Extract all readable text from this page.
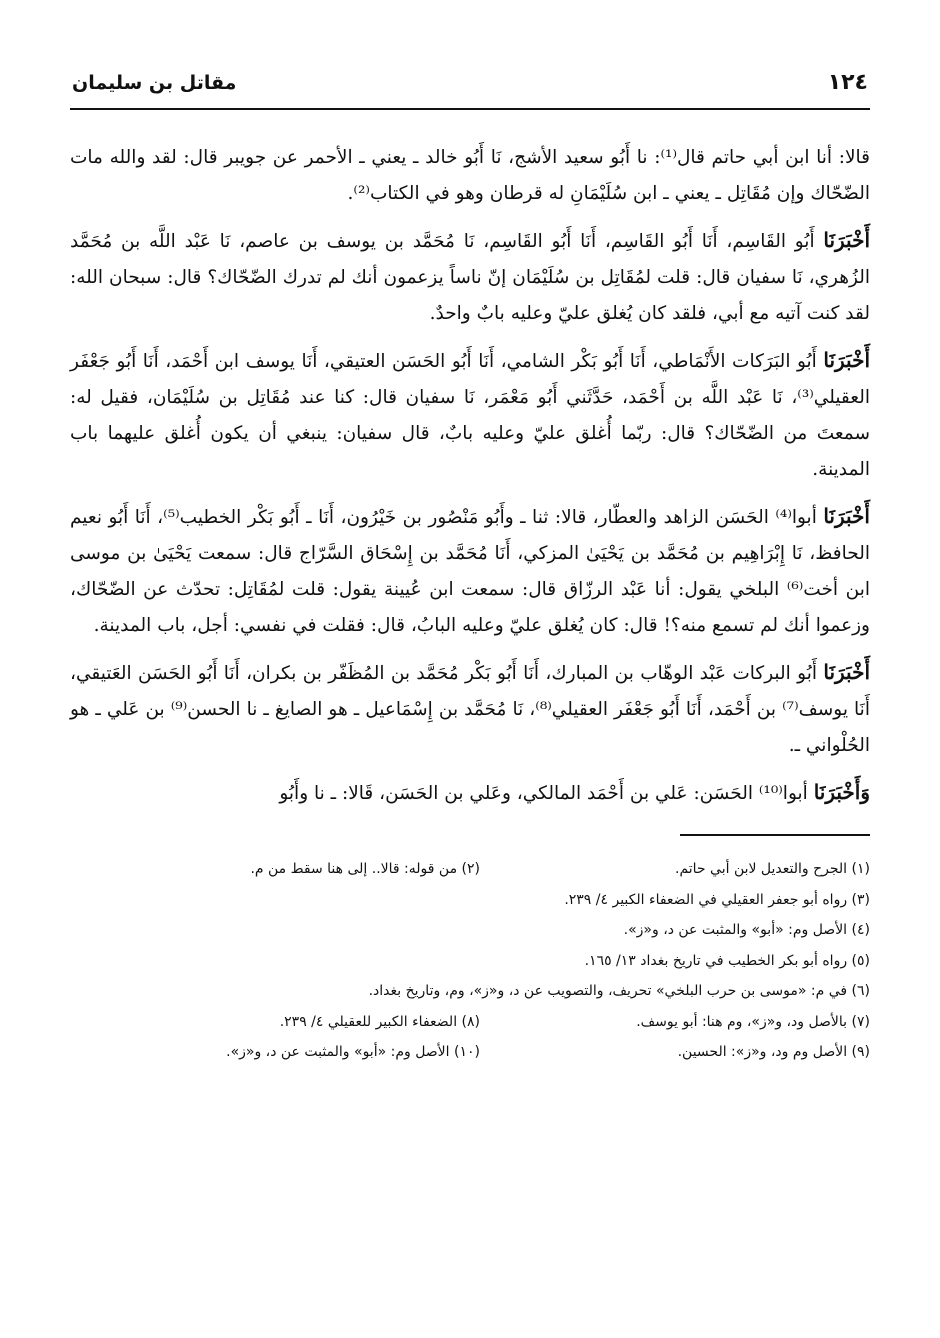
١٢٤
مقاتل بن سليمان

قالا: أنا ابن أبي حاتم قال⁽¹⁾: نا أَبُو سعيد الأشج، نَا أَبُو خالد ـ يعني ـ الأحمر عن جويبر قال: لقد والله مات الضّحّاك وإن مُقَاتِل ـ يعني ـ ابن سُلَيْمَانِ له قرطان وهو في الكتاب⁽²⁾.

أَخْبَرَنَا أَبُو القَاسِم، أَنَا أَبُو القَاسِم، أَنَا أَبُو القَاسِم، نَا مُحَمَّد بن يوسف بن عاصم، نَا عَبْد اللَّه بن مُحَمَّد الزُهري، نَا سفيان قال: قلت لمُقَاتِل بن سُلَيْمَان إنّ ناساً يزعمون أنك لم تدرك الضّحّاك؟ قال: سبحان الله: لقد كنت آتيه مع أبي، فلقد كان يُغلق عليّ وعليه بابٌ واحدٌ.

أَخْبَرَنَا أَبُو البَرَكات الأَنْمَاطي، أَنَا أَبُو بَكْر الشامي، أَنَا أَبُو الحَسَن العتيقي، أَنَا يوسف ابن أَحْمَد، أَنَا أَبُو جَعْفَر العقيلي⁽³⁾، نَا عَبْد اللَّه بن أَحْمَد، حَدَّثَني أَبُو مَعْمَر، نَا سفيان قال: كنا عند مُقَاتِل بن سُلَيْمَان، فقيل له: سمعتَ من الضّحّاك؟ قال: ربّما أُغلق عليّ وعليه بابٌ، قال سفيان: ينبغي أن يكون أُغلق عليهما باب المدينة.

أَخْبَرَنَا أبوا⁽⁴⁾ الحَسَن الزاهد والعطّار، قالا: ثنا ـ وأَبُو مَنْصُور بن خَيْرُون، أَنَا ـ أَبُو بَكْر الخطيب⁽⁵⁾، أَنَا أَبُو نعيم الحافظ، نَا إِبْرَاهِيم بن مُحَمَّد بن يَحْيَىٰ المزكي، أَنَا مُحَمَّد بن إِسْحَاق السَّرّاج قال: سمعت يَحْيَىٰ بن موسى ابن أخت⁽⁶⁾ البلخي يقول: أنا عَبْد الرزّاق قال: سمعت ابن عُيينة يقول: قلت لمُقَاتِل: تحدّث عن الضّحّاك، وزعموا أنك لم تسمع منه؟! قال: كان يُغلق عليّ وعليه البابُ، قال: فقلت في نفسي: أجل، باب المدينة.

أَخْبَرَنَا أَبُو البركات عَبْد الوهّاب بن المبارك، أَنَا أَبُو بَكْر مُحَمَّد بن المُظَفّر بن بكران، أَنَا أَبُو الحَسَن العَتيقي، أَنَا يوسف⁽⁷⁾ بن أَحْمَد، أَنَا أَبُو جَعْفَر العقيلي⁽⁸⁾، نَا مُحَمَّد بن إِسْمَاعيل ـ هو الصايغ ـ نا الحسن⁽⁹⁾ بن عَلي ـ هو الحُلْواني ـ.

وَأَخْبَرَنَا أبوا⁽¹⁰⁾ الحَسَن: عَلي بن أَحْمَد المالكي، وعَلي بن الحَسَن، قَالا: ـ نا وأَبُو

(١) الجرح والتعديل لابن أبي حاتم.
(٢) من قوله: قالا.. إلى هنا سقط من م.
(٣) رواه أبو جعفر العقيلي في الضعفاء الكبير ٤/ ٢٣٩.
(٤) الأصل وم: «أبو» والمثبت عن د، و«ز».
(٥) رواه أبو بكر الخطيب في تاريخ بغداد ١٣/ ١٦٥.
(٦) في م: «موسى بن حرب البلخي» تحريف، والتصويب عن د، و«ز»، وم، وتاريخ بغداد.
(٧) بالأصل ود، و«ز»، وم هنا: أبو يوسف.
(٨) الضعفاء الكبير للعقيلي ٤/ ٢٣٩.
(٩) الأصل وم ود، و«ز»: الحسين.
(١٠) الأصل وم: «أبو» والمثبت عن د، و«ز».
